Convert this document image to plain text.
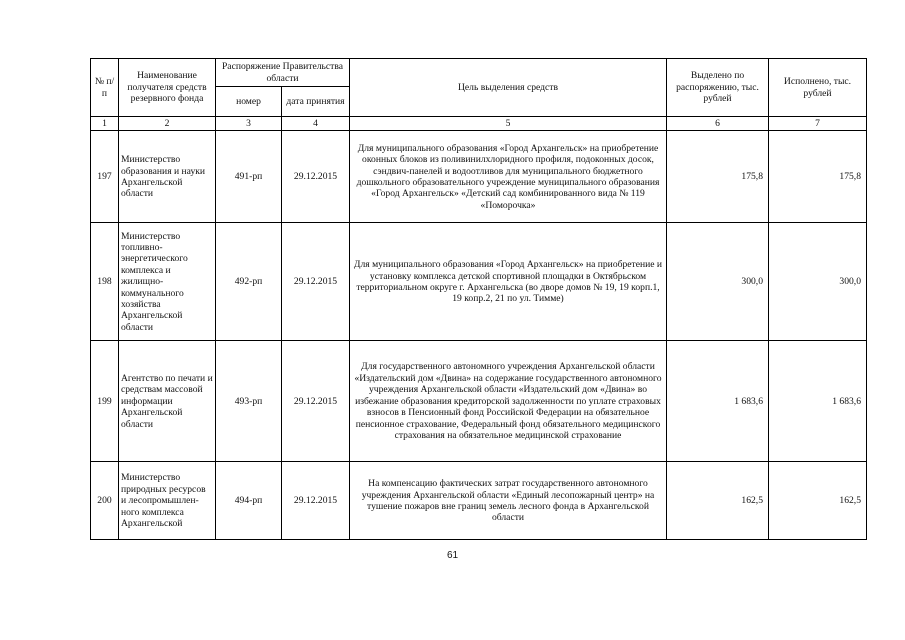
№ п/п	Наименование получателя средств резервного фонда	Распоряжение Правительства области		Цель выделения средств	Выделено по распоряжению, тыс. рублей	Исполнено, тыс. рублей
		номер	дата принятия			
1	2	3	4	5	6	7
197	Министерство образования и науки Архангельской области	491-рп	29.12.2015	Для муниципального образования «Город Архангельск» на приобретение оконных блоков из поливинилхлоридного профиля, подоконных досок, сэндвич-панелей и водоотливов для муниципального бюджетного дошкольного образовательного учреждение муниципального образования «Город Архангельск» «Детский сад комбинированного вида № 119 «Поморочка»	175,8	175,8
198	Министерство топливно-энергетического комплекса и жилищно-коммунального хозяйства Архангельской области	492-рп	29.12.2015	Для муниципального образования «Город Архангельск» на приобретение и установку комплекса детской спортивной площадки в Октябрьском территориальном округе г. Архангельска (во дворе домов № 19, 19 корп.1, 19 копр.2, 21 по ул. Тимме)	300,0	300,0
199	Агентство по печати и средствам массовой информации Архангельской области	493-рп	29.12.2015	Для государственного автономного учреждения Архангельской области «Издательский дом «Двина» на содержание государственного автономного учреждения Архангельской области «Издательский дом «Двина» во избежание образования кредиторской задолженности по уплате страховых взносов в Пенсионный фонд Российской Федерации на обязательное пенсионное страхование, Федеральный фонд обязательного медицинского страхования на обязательное медицинской страхование	1 683,6	1 683,6
200	Министерство природных ресурсов и лесопромышлен-ного комплекса Архангельской	494-рп	29.12.2015	На компенсацию фактических затрат государственного автономного учреждения Архангельской области «Единый лесопожарный центр» на тушение пожаров вне границ земель лесного фонда в Архангельской области	162,5	162,5
61
